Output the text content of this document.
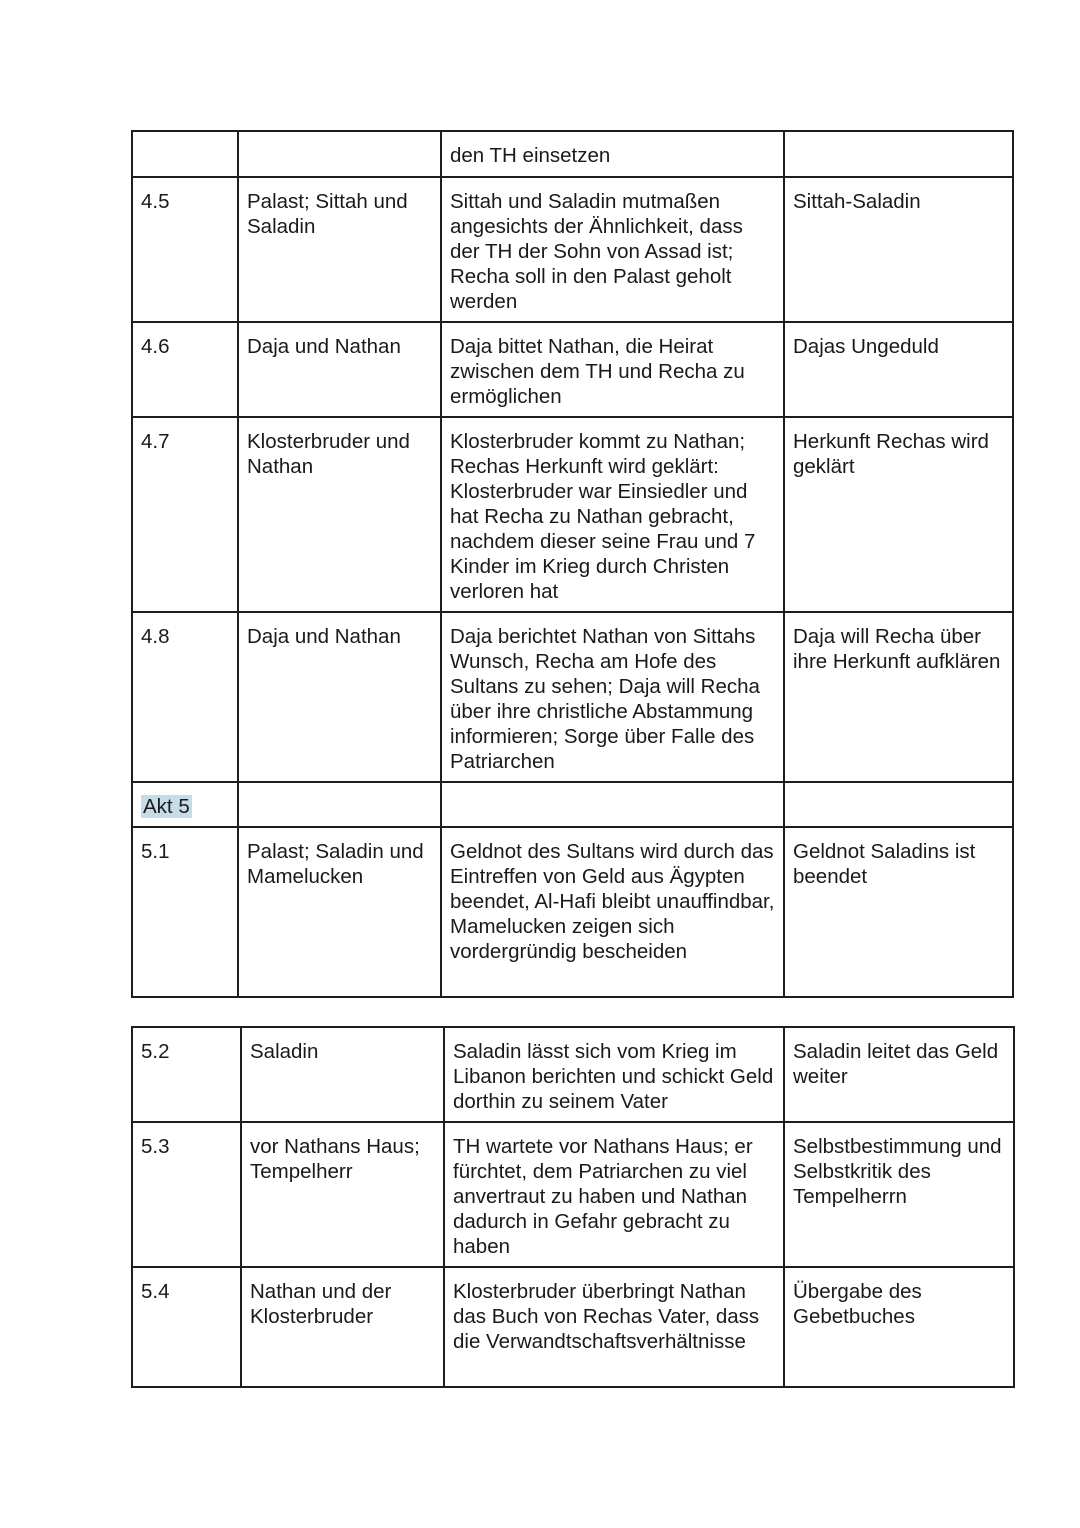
		den TH einsetzen	
4.5	Palast; Sittah und Saladin	Sittah und Saladin mutmaßen angesichts der Ähnlichkeit, dass der TH der Sohn von Assad ist; Recha soll in den Palast geholt werden	Sittah-Saladin
4.6	Daja und Nathan	Daja bittet Nathan, die Heirat zwischen dem TH und Recha zu ermöglichen	Dajas Ungeduld
4.7	Klosterbruder und Nathan	Klosterbruder kommt zu Nathan; Rechas Herkunft wird geklärt: Klosterbruder war Einsiedler und hat Recha zu Nathan gebracht, nachdem dieser seine Frau und 7 Kinder im Krieg durch Christen verloren hat	Herkunft Rechas wird geklärt
4.8	Daja und Nathan	Daja berichtet Nathan von Sittahs Wunsch, Recha am Hofe des Sultans zu sehen; Daja will Recha über ihre christliche Abstammung informieren; Sorge über Falle des Patriarchen	Daja will Recha über ihre Herkunft aufklären
Akt 5			
5.1	Palast; Saladin und Mamelucken	Geldnot des Sultans wird durch das Eintreffen von Geld aus Ägypten beendet, Al-Hafi bleibt unauffindbar, Mamelucken zeigen sich vordergründig bescheiden	Geldnot Saladins ist beendet
5.2	Saladin	Saladin lässt sich vom Krieg im Libanon berichten und schickt Geld dorthin zu seinem Vater	Saladin leitet das Geld weiter
5.3	vor Nathans Haus; Tempelherr	TH wartete vor Nathans Haus; er fürchtet, dem Patriarchen zu viel anvertraut zu haben und Nathan dadurch in Gefahr gebracht zu haben	Selbstbestimmung und Selbstkritik des Tempelherrn
5.4	Nathan und der Klosterbruder	Klosterbruder überbringt Nathan das Buch von Rechas Vater, dass die Verwandtschaftsverhältnisse	Übergabe des Gebetbuches
